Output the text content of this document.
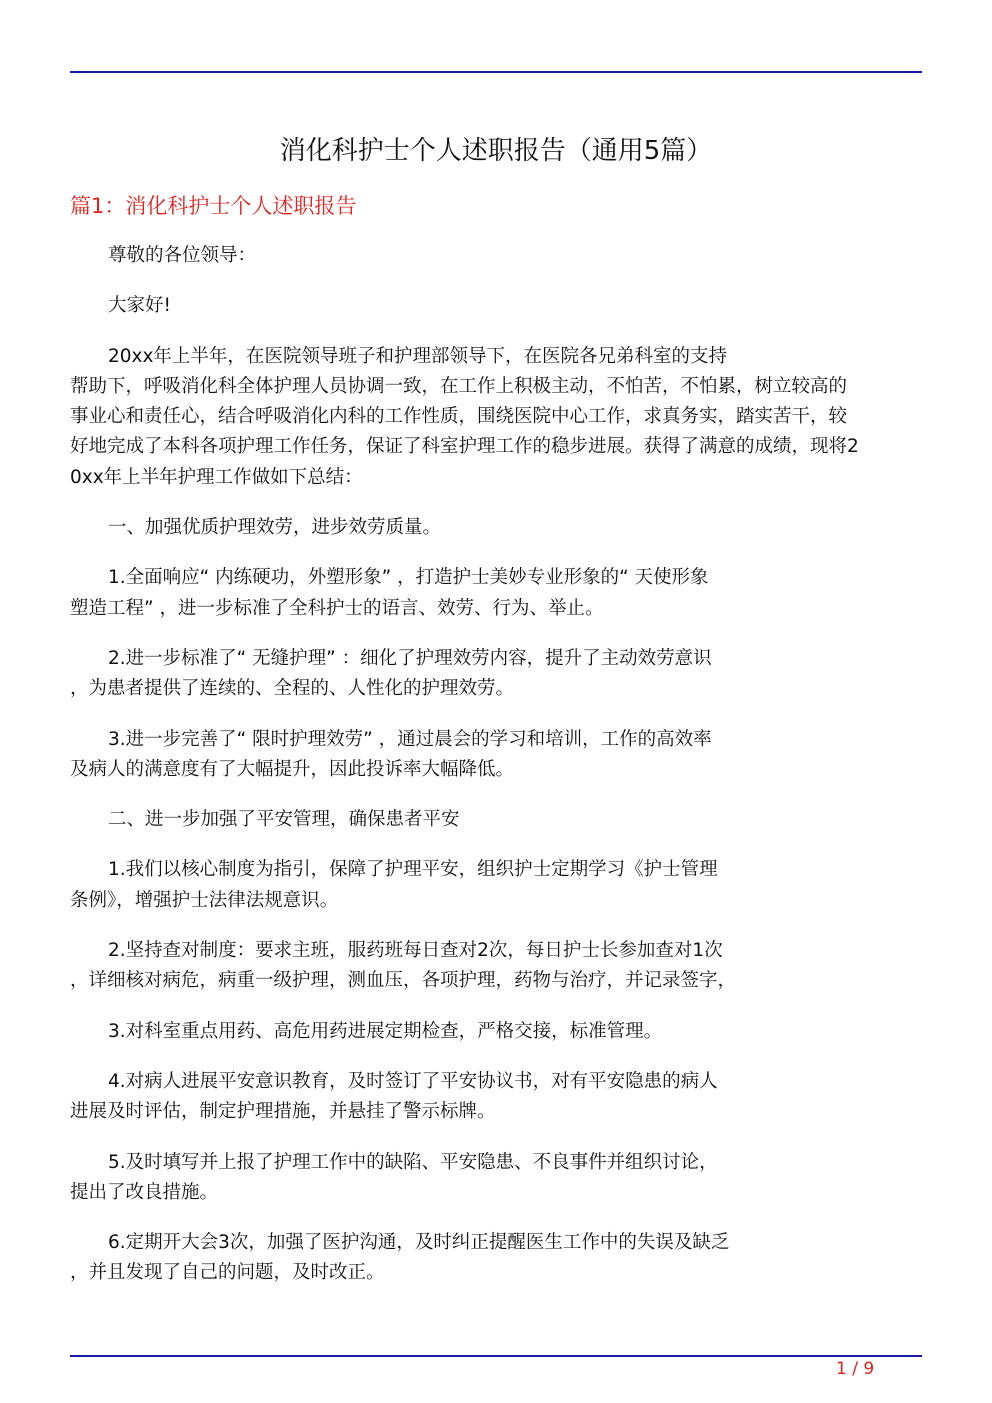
消化科护士个人述职报告（通用5篇）
篇1：消化科护士个人述职报告
尊敬的各位领导：
大家好!
20xx年上半年，在医院领导班子和护理部领导下，在医院各兄弟科室的支持
帮助下，呼吸消化科全体护理人员协调一致，在工作上积极主动，不怕苦，不怕累，树立较高的
事业心和责任心，结合呼吸消化内科的工作性质，围绕医院中心工作，求真务实，踏实苦干，较
好地完成了本科各项护理工作任务，保证了科室护理工作的稳步进展。获得了满意的成绩，现将2
0xx年上半年护理工作做如下总结：
一、加强优质护理效劳，进步效劳质量。
1.全面响应“ 内练硬功，外塑形象” ，打造护士美妙专业形象的“ 天使形象
塑造工程” ，进一步标准了全科护士的语言、效劳、行为、举止。
2.进一步标准了“ 无缝护理” ：细化了护理效劳内容，提升了主动效劳意识
，为患者提供了连续的、全程的、人性化的护理效劳。
3.进一步完善了“ 限时护理效劳” ，通过晨会的学习和培训，工作的高效率
及病人的满意度有了大幅提升，因此投诉率大幅降低。
二、进一步加强了平安管理，确保患者平安
1.我们以核心制度为指引，保障了护理平安，组织护士定期学习《护士管理
条例》，增强护士法律法规意识。
2.坚持查对制度：要求主班，服药班每日查对2次，每日护士长参加查对1次
，详细核对病危，病重一级护理，测血压，各项护理，药物与治疗，并记录签字，
3.对科室重点用药、高危用药进展定期检查，严格交接，标准管理。
4.对病人进展平安意识教育，及时签订了平安协议书，对有平安隐患的病人
进展及时评估，制定护理措施，并悬挂了警示标牌。
5.及时填写并上报了护理工作中的缺陷、平安隐患、不良事件并组织讨论，
提出了改良措施。
6.定期开大会3次，加强了医护沟通，及时纠正提醒医生工作中的失误及缺乏
，并且发现了自己的问题，及时改正。
1 / 9
